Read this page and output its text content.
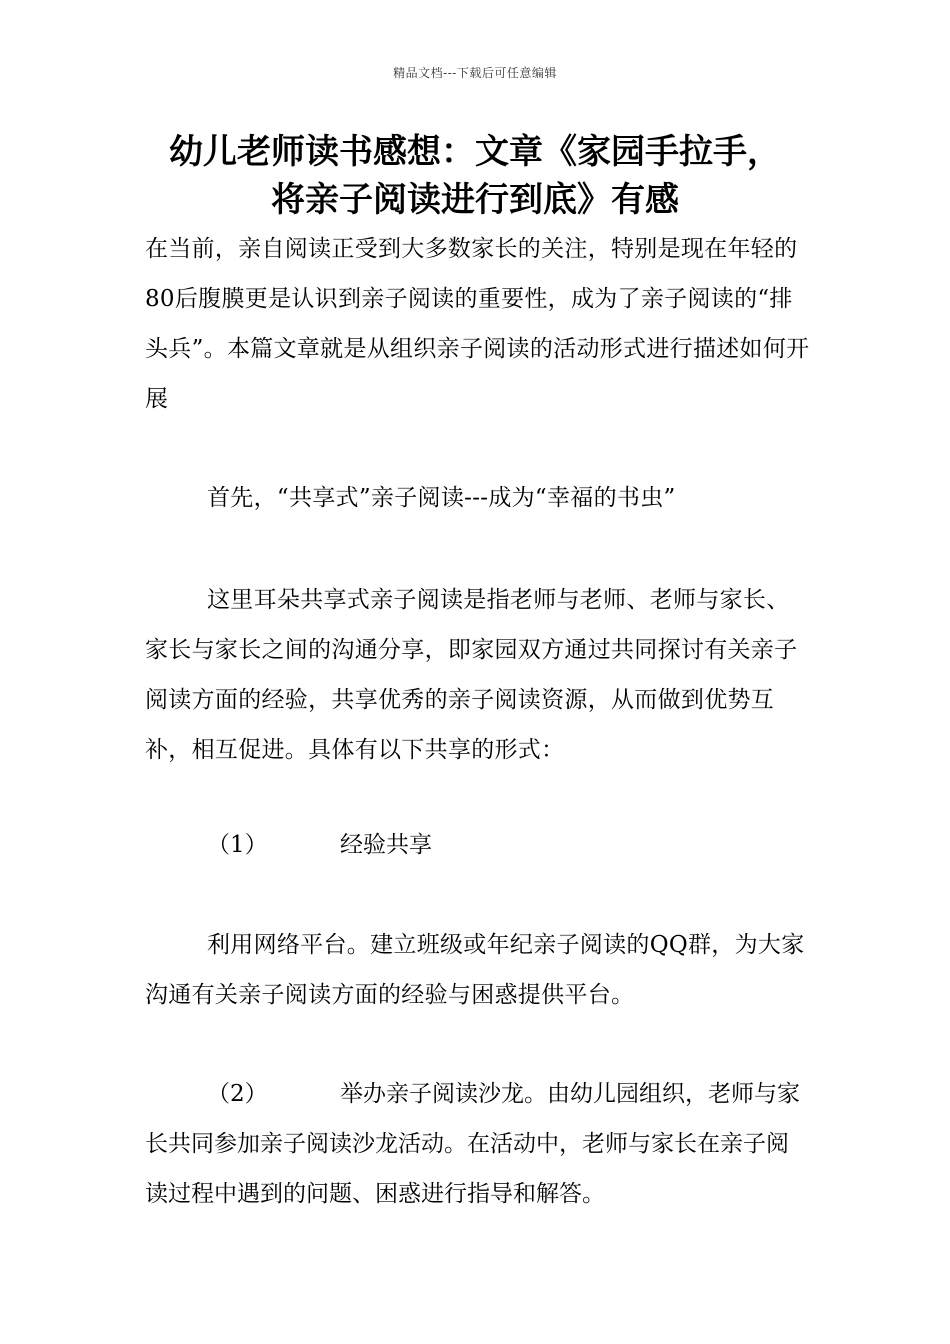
精品文档---下载后可任意编辑
幼儿老师读书感想：文章《家园手拉手，
将亲子阅读进行到底》有感

在当前，亲自阅读正受到大多数家长的关注，特别是现在年轻的80后腹膜更是认识到亲子阅读的重要性，成为了亲子阅读的“排头兵”。本篇文章就是从组织亲子阅读的活动形式进行描述如何开展

首先，“共享式”亲子阅读---成为“幸福的书虫”

这里耳朵共享式亲子阅读是指老师与老师、老师与家长、家长与家长之间的沟通分享，即家园双方通过共同探讨有关亲子阅读方面的经验，共享优秀的亲子阅读资源，从而做到优势互补，相互促进。具体有以下共享的形式：

（1）	经验共享

利用网络平台。建立班级或年纪亲子阅读的QQ群，为大家沟通有关亲子阅读方面的经验与困惑提供平台。

（2）	举办亲子阅读沙龙。由幼儿园组织，老师与家长共同参加亲子阅读沙龙活动。在活动中，老师与家长在亲子阅读过程中遇到的问题、困惑进行指导和解答。
